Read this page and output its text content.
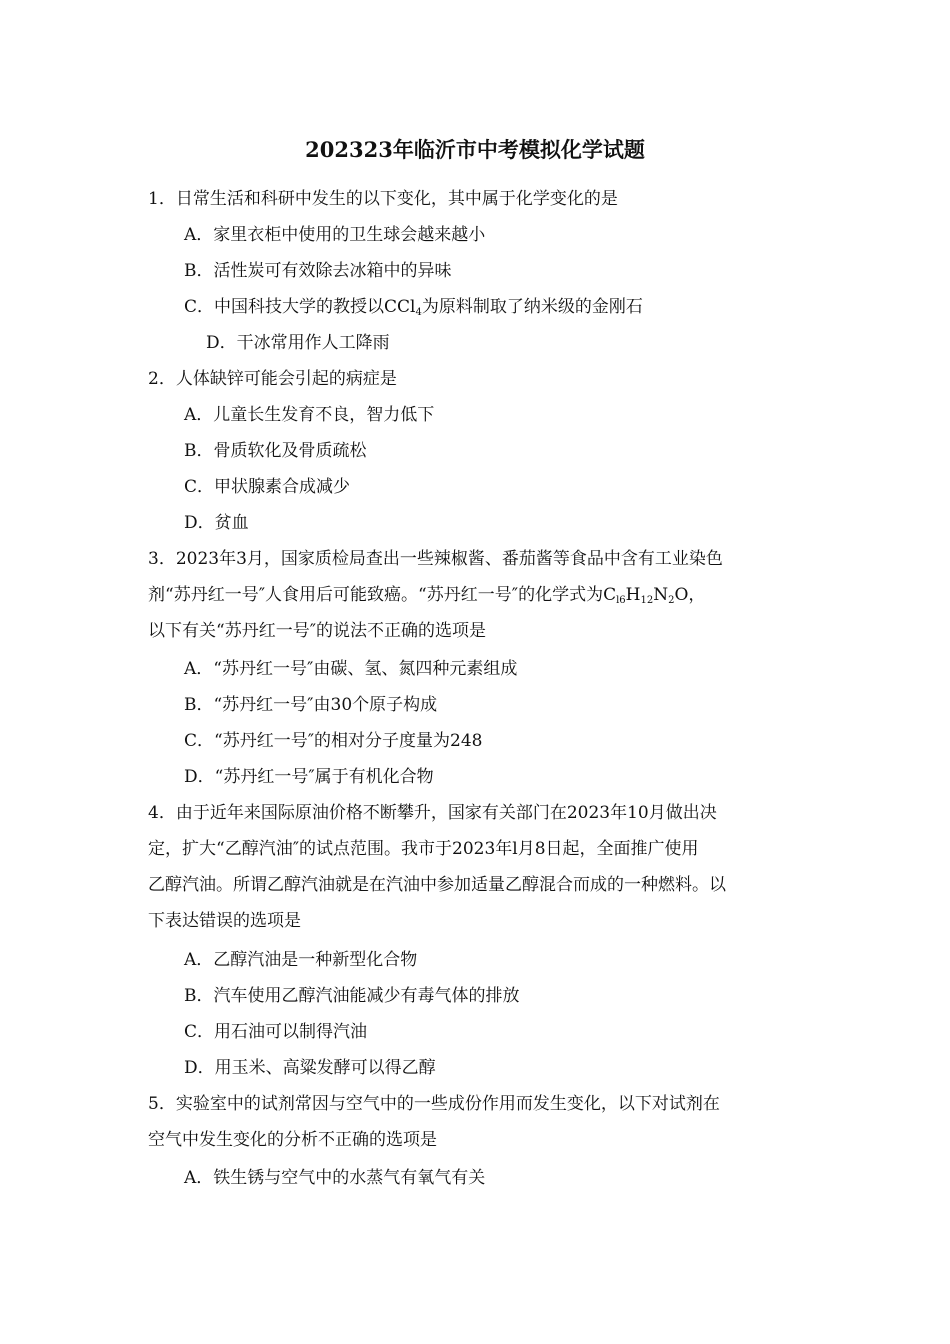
202323年临沂市中考模拟化学试题
1．日常生活和科研中发生的以下变化，其中属于化学变化的是
A．家里衣柜中使用的卫生球会越来越小
B．活性炭可有效除去冰箱中的异味
C．中国科技大学的教授以CCl$_4$为原料制取了纳米级的金刚石
D．干冰常用作人工降雨
2．人体缺锌可能会引起的病症是
A．儿童长生发育不良，智力低下
B．骨质软化及骨质疏松
C．甲状腺素合成减少
D．贫血
3．2023年3月，国家质检局查出一些辣椒酱、番茄酱等食品中含有工业染色
剂“苏丹红一号″人食用后可能致癌。“苏丹红一号″的化学式为$C_{l6}H_{12}N_2O$，
以下有关“苏丹红一号″的说法不正确的选项是
A．“苏丹红一号″由碳、氢、氮四种元素组成
B．“苏丹红一号″由30个原子构成
C．“苏丹红一号″的相对分子度量为248
D．“苏丹红一号″属于有机化合物
4．由于近年来国际原油价格不断攀升，国家有关部门在2023年10月做出决
定，扩大“乙醇汽油″的试点范围。我市于2023年l月8日起，全面推广使用
乙醇汽油。所谓乙醇汽油就是在汽油中参加适量乙醇混合而成的一种燃料。以
下表达错误的选项是
A．乙醇汽油是一种新型化合物
B．汽车使用乙醇汽油能减少有毒气体的排放
C．用石油可以制得汽油
D．用玉米、高粱发酵可以得乙醇
5．实验室中的试剂常因与空气中的一些成份作用而发生变化，以下对试剂在
空气中发生变化的分析不正确的选项是
A．铁生锈与空气中的水蒸气有氧气有关
